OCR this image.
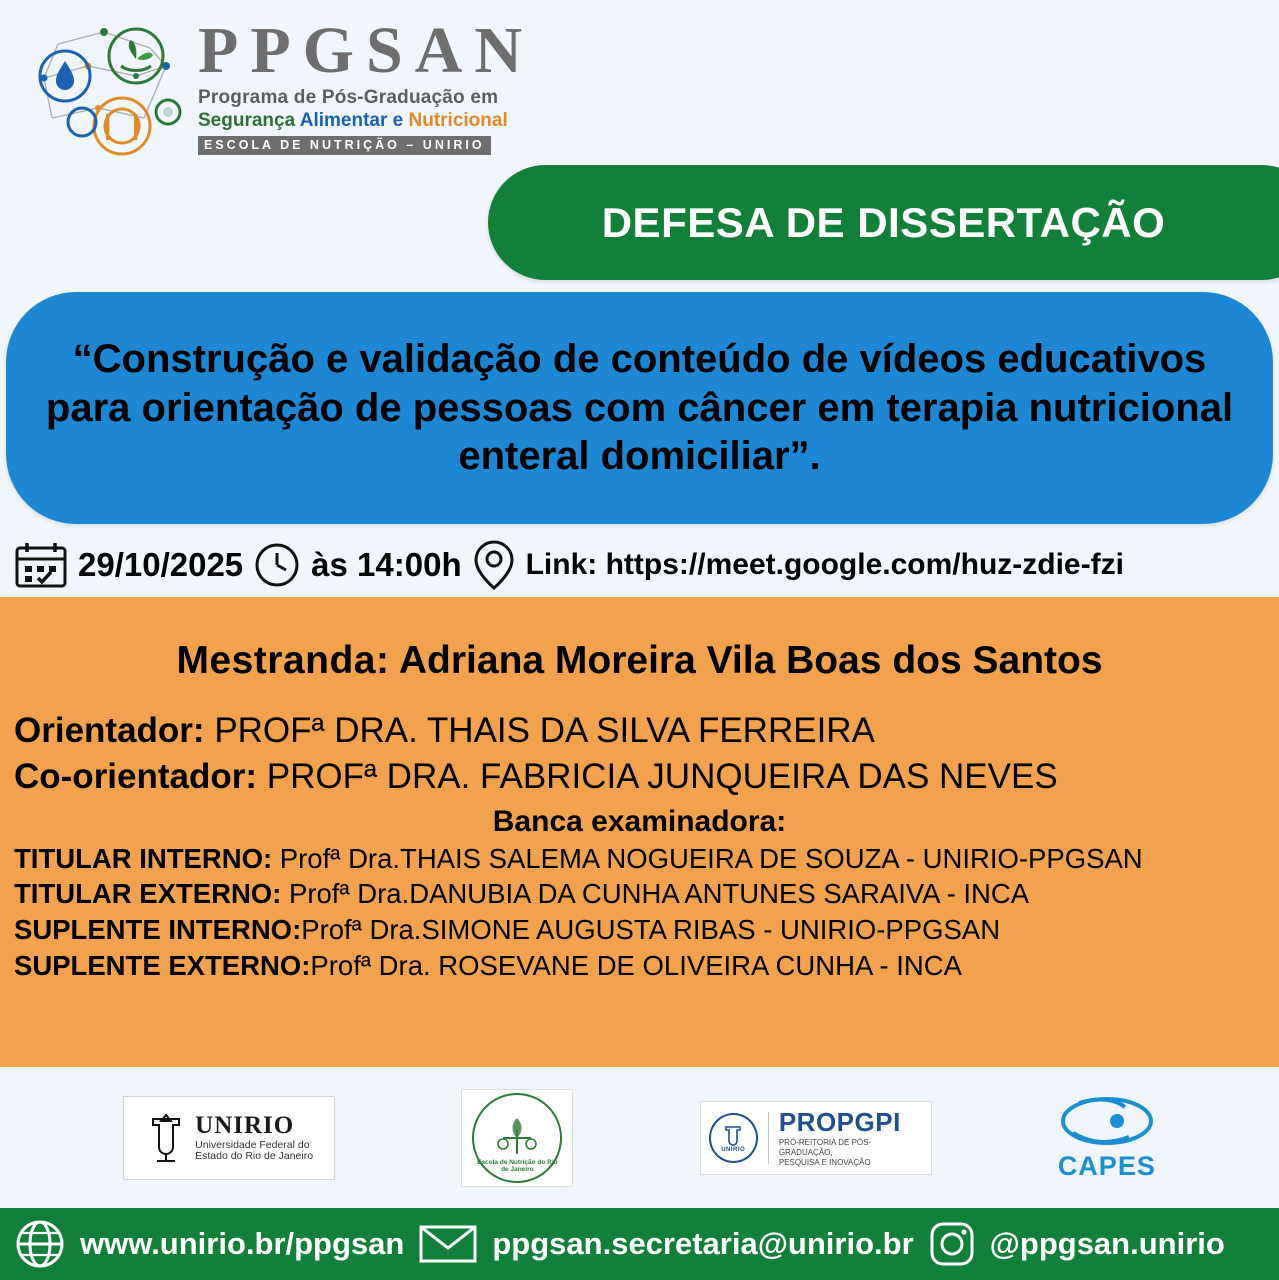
PPGSAN
Programa de Pós-Graduação em
Segurança Alimentar e Nutricional
ESCOLA DE NUTRIÇÃO – UNIRIO
DEFESA DE DISSERTAÇÃO
“Construção e validação de conteúdo de vídeos educativos para orientação de pessoas com câncer em terapia nutricional enteral domiciliar”.
29/10/2025 às 14:00h Link: https://meet.google.com/huz-zdie-fzi
Mestranda: Adriana Moreira Vila Boas dos Santos
Orientador: PROFª DRA. THAIS DA SILVA FERREIRA
Co-orientador: PROFª DRA. FABRICIA JUNQUEIRA DAS NEVES
Banca examinadora:
TITULAR INTERNO: Profª Dra.THAIS SALEMA NOGUEIRA DE SOUZA - UNIRIO-PPGSAN
TITULAR EXTERNO: Profª Dra.DANUBIA DA CUNHA ANTUNES SARAIVA - INCA
SUPLENTE INTERNO:Profª Dra.SIMONE AUGUSTA RIBAS - UNIRIO-PPGSAN
SUPLENTE EXTERNO:Profª Dra. ROSEVANE DE OLIVEIRA CUNHA - INCA
UNIRIO
Universidade Federal do
Estado do Rio de Janeiro
Escola de Nutrição do Rio de Janeiro
UNIRIO
PROPGPI
PRÓ-REITORIA DE PÓS-GRADUAÇÃO,
PESQUISA E INOVAÇÃO	CAPES
www.unirio.br/ppgsan	ppgsan.secretaria@unirio.br @ppgsan.unirio
